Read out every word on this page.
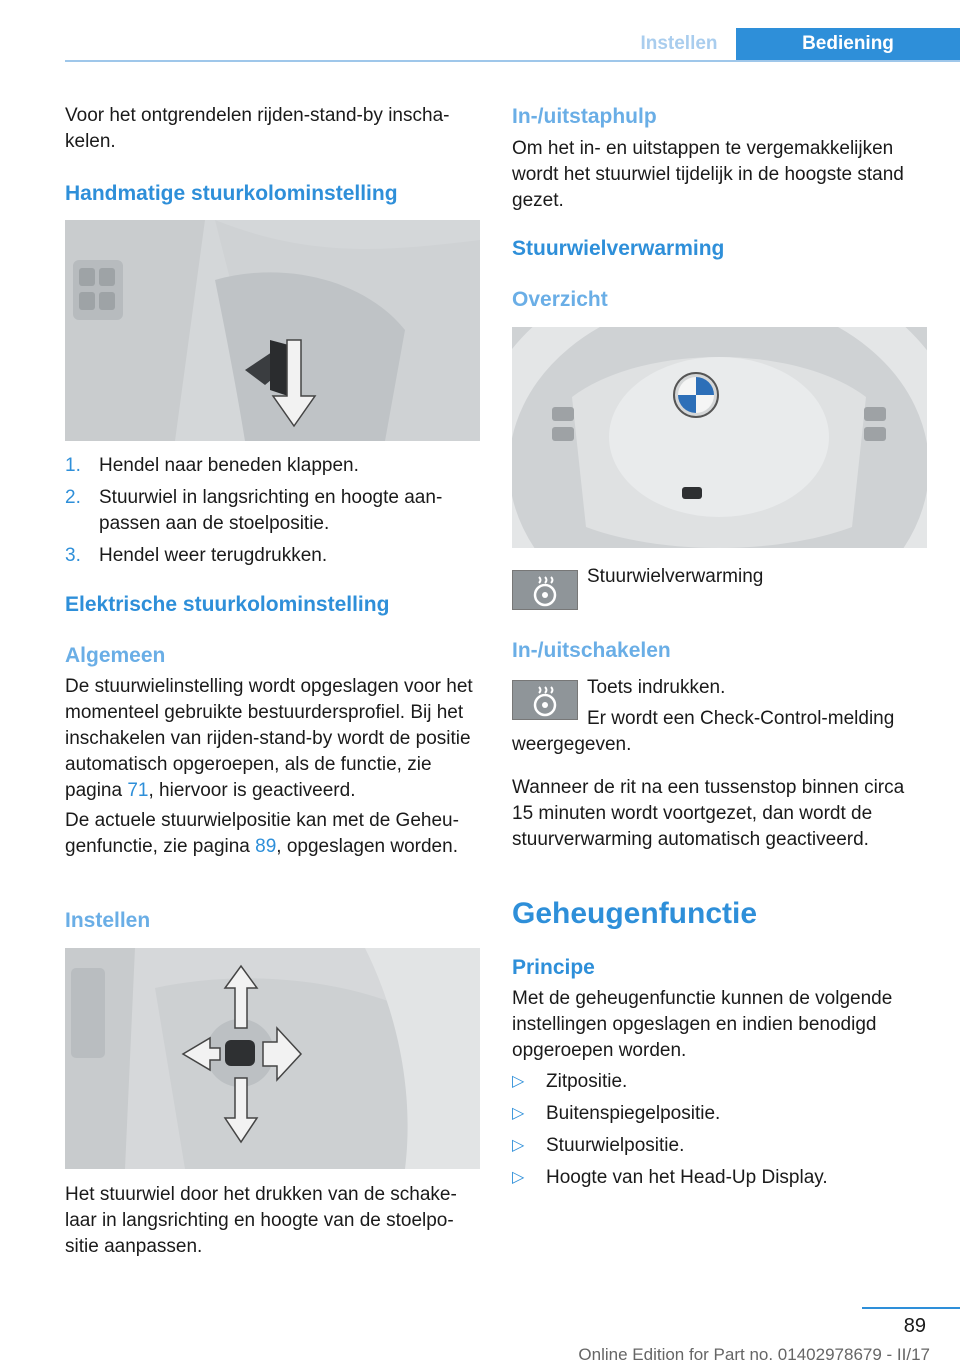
Instellen	Bediening
Voor het ontgrendelen rijden-stand-by inschakelen.
Handmatige stuurkolominstelling
1. Hendel naar beneden klappen.
2. Stuurwiel in langsrichting en hoogte aanpassen aan de stoelpositie.
3. Hendel weer terugdrukken.
Elektrische stuurkolominstelling
Algemeen
De stuurwielinstelling wordt opgeslagen voor het momenteel gebruikte bestuurdersprofiel. Bij het inschakelen van rijden-stand-by wordt de positie automatisch opgeroepen, als de functie, zie pagina 71, hiervoor is geactiveerd.
De actuele stuurwielpositie kan met de Geheugenfunctie, zie pagina 89, opgeslagen worden.
Instellen
Het stuurwiel door het drukken van de schakelaar in langsrichting en hoogte van de stoelpositie aanpassen.
In-/uitstaphulp
Om het in- en uitstappen te vergemakkelijken wordt het stuurwiel tijdelijk in de hoogste stand gezet.
Stuurwielverwarming
Overzicht
Stuurwielverwarming
In-/uitschakelen
Toets indrukken.
Er wordt een Check-Control-melding weergegeven.
Wanneer de rit na een tussenstop binnen circa 15 minuten wordt voortgezet, dan wordt de stuurverwarming automatisch geactiveerd.
Geheugenfunctie
Principe
Met de geheugenfunctie kunnen de volgende instellingen opgeslagen en indien benodigd opgeroepen worden.
▷	Zitpositie.
▷	Buitenspiegelpositie.
▷	Stuurwielpositie.
▷	Hoogte van het Head-Up Display.
89
Online Edition for Part no. 01402978679 - II/17
